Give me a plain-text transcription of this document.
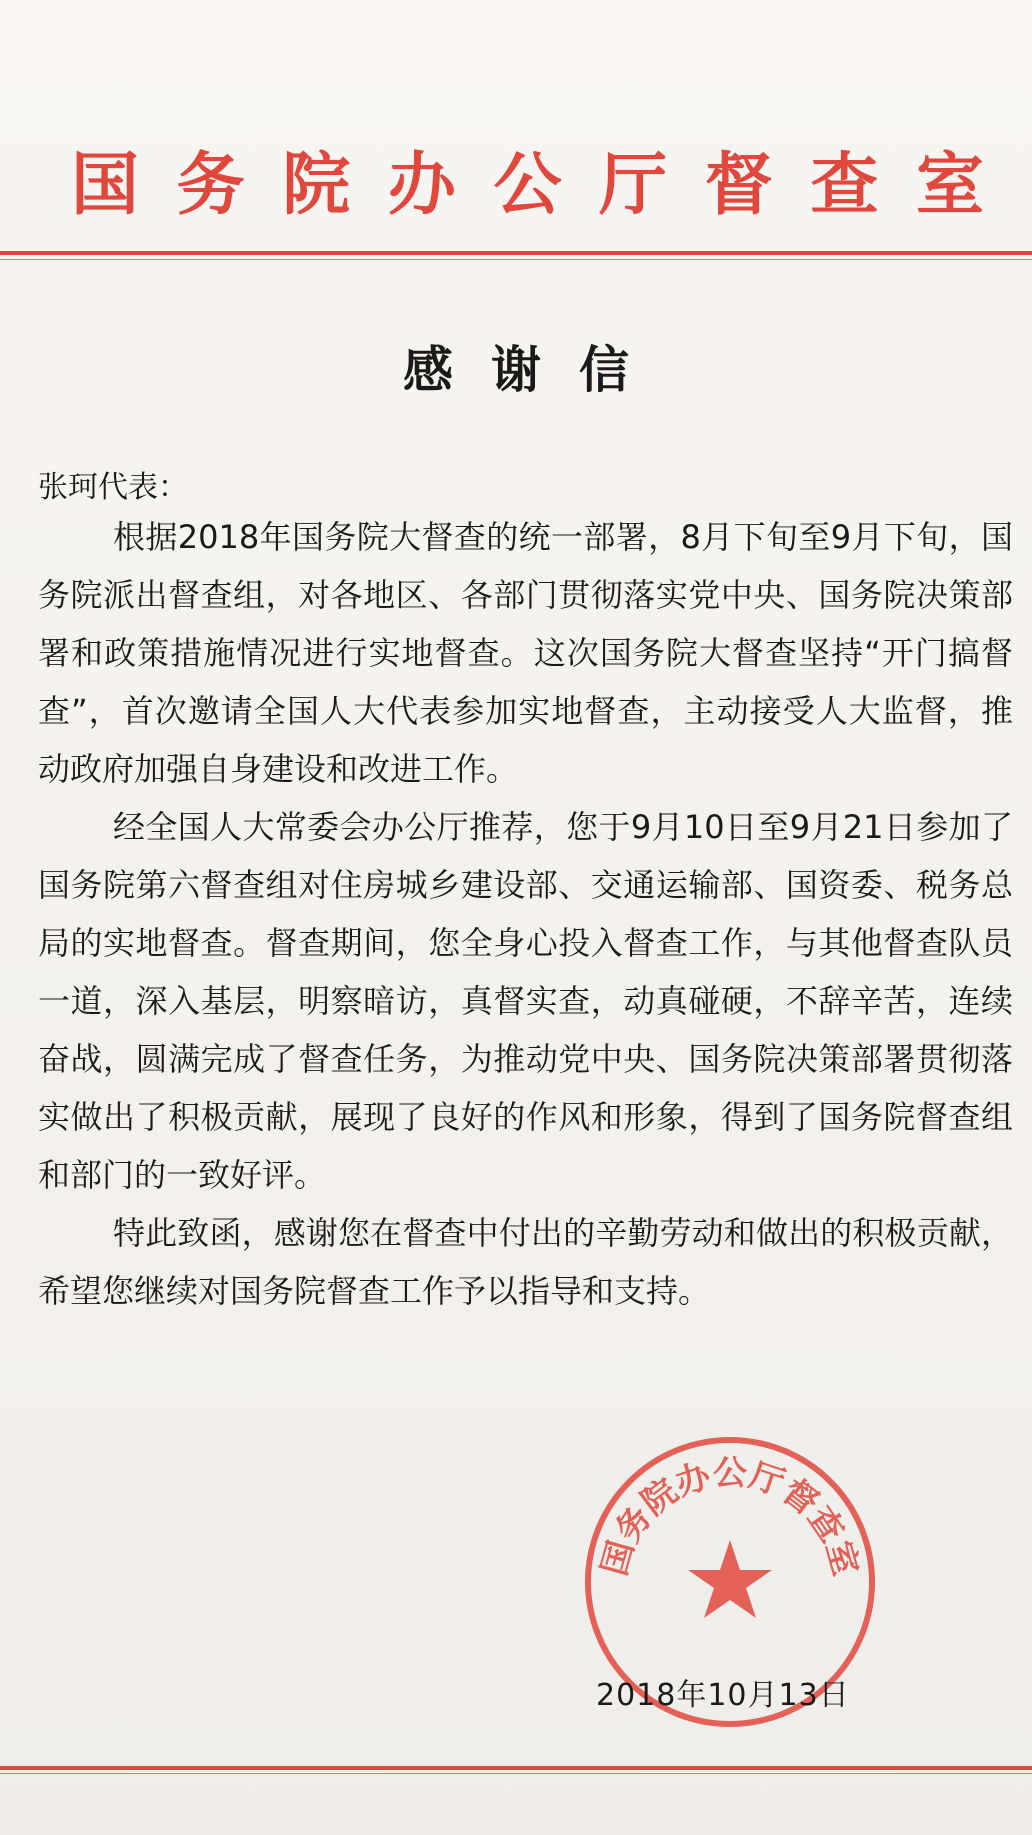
国 务 院 办 公 厅 督 查 室
感谢信
张珂代表：

根据2018年国务院大督查的统一部署，8月下旬至9月下旬，国务院派出督查组，对各地区、各部门贯彻落实党中央、国务院决策部署和政策措施情况进行实地督查。这次国务院大督查坚持“开门搞督查”，首次邀请全国人大代表参加实地督查，主动接受人大监督，推动政府加强自身建设和改进工作。

经全国人大常委会办公厅推荐，您于9月10日至9月21日参加了国务院第六督查组对住房城乡建设部、交通运输部、国资委、税务总局的实地督查。督查期间，您全身心投入督查工作，与其他督查队员一道，深入基层，明察暗访，真督实查，动真碰硬，不辞辛苦，连续奋战，圆满完成了督查任务，为推动党中央、国务院决策部署贯彻落实做出了积极贡献，展现了良好的作风和形象，得到了国务院督查组和部门的一致好评。

特此致函，感谢您在督查中付出的辛勤劳动和做出的积极贡献，希望您继续对国务院督查工作予以指导和支持。

国务院办公厅督查室
2018年10月13日
